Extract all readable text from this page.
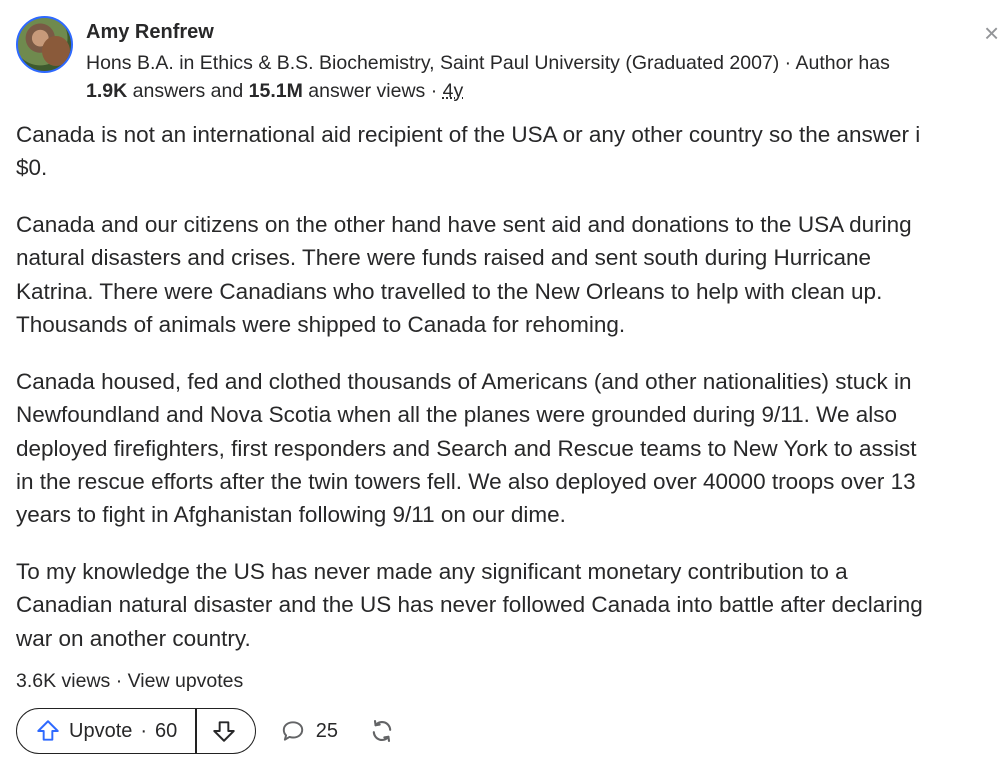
×
Amy Renfrew
Hons B.A. in Ethics & B.S. Biochemistry, Saint Paul University (Graduated 2007) · Author has
1.9K answers and 15.1M answer views · 4y
Canada is not an international aid recipient of the USA or any other country so the answer i
$0.
Canada and our citizens on the other hand have sent aid and donations to the USA during
natural disasters and crises. There were funds raised and sent south during Hurricane
Katrina. There were Canadians who travelled to the New Orleans to help with clean up.
Thousands of animals were shipped to Canada for rehoming.
Canada housed, fed and clothed thousands of Americans (and other nationalities) stuck in
Newfoundland and Nova Scotia when all the planes were grounded during 9/11. We also
deployed firefighters, first responders and Search and Rescue teams to New York to assist
in the rescue efforts after the twin towers fell. We also deployed over 40000 troops over 13
years to fight in Afghanistan following 9/11 on our dime.
To my knowledge the US has never made any significant monetary contribution to a
Canadian natural disaster and the US has never followed Canada into battle after declaring
war on another country.
3.6K views · View upvotes
Upvote · 60	25
